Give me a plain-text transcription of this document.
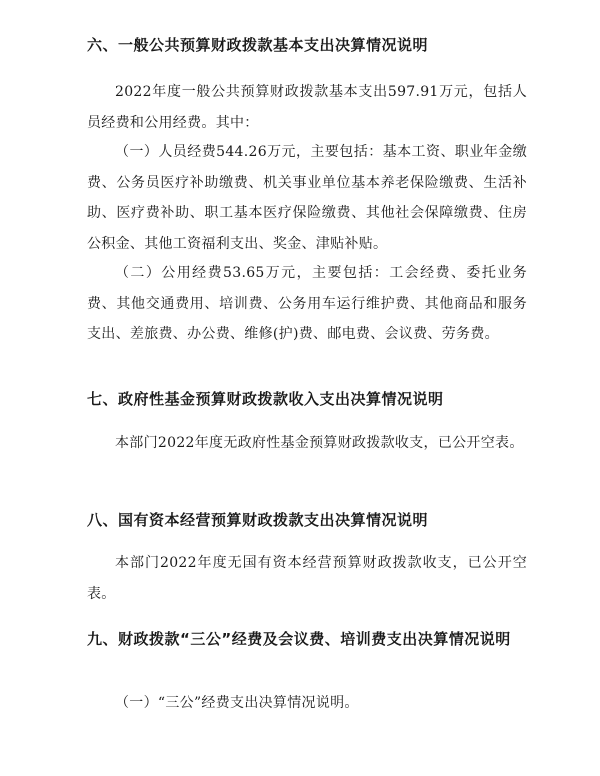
六、一般公共预算财政拨款基本支出决算情况说明
2022年度一般公共预算财政拨款基本支出597.91万元，包括人员经费和公用经费。其中：
（一）人员经费544.26万元，主要包括：基本工资、职业年金缴费、公务员医疗补助缴费、机关事业单位基本养老保险缴费、生活补助、医疗费补助、职工基本医疗保险缴费、其他社会保障缴费、住房公积金、其他工资福利支出、奖金、津贴补贴。
（二）公用经费53.65万元，主要包括：工会经费、委托业务费、其他交通费用、培训费、公务用车运行维护费、其他商品和服务支出、差旅费、办公费、维修(护)费、邮电费、会议费、劳务费。
七、政府性基金预算财政拨款收入支出决算情况说明
本部门2022年度无政府性基金预算财政拨款收支，已公开空表。
八、国有资本经营预算财政拨款支出决算情况说明
本部门2022年度无国有资本经营预算财政拨款收支，已公开空表。
九、财政拨款“三公”经费及会议费、培训费支出决算情况说明
（一）“三公”经费支出决算情况说明。
